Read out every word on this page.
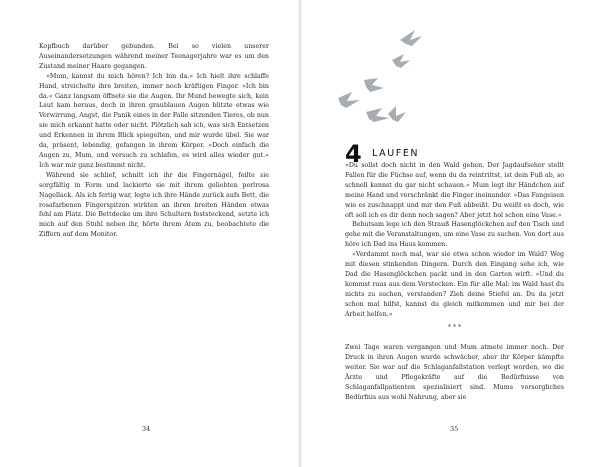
Kopfbuch darüber gebunden. Bei so vielen unserer Auseinandersetzungen während meiner Teenagerjahre war es um den Zustand meiner Haare gegangen.

»Mum, kannst du mich hören? Ich bin da.« Ich hielt ihre schlaffe Hand, streichelte ihre breiten, immer noch kräftigen Finger. »Ich bin da.« Ganz langsam öffnete sie die Augen. Ihr Mund bewegte sich, kein Laut kam heraus, doch in ihren graublauen Augen blitzte etwas wie Verwirrung, Angst, die Panik eines in der Falle sitzenden Tieres, ob nun sie mich erkannt hatte oder nicht. Plötzlich sah ich, was sich Entsetzen und Erkennen in ihrem Blick spiegelten, und mir wurde übel. Sie war da, präsent, lebendig, gefangen in ihrem Körper. »Doch einfach die Augen zu, Mum, und versuch zu schlafen, es wird alles wieder gut.« Ich war mir ganz bestimmt nicht.

Während sie schlief, schnitt ich ihr die Fingernägel, feilte sie sorgfältig in Form und lackierte sie mit ihrem geliebten perlrosa Nagellack. Als ich fertig war, legte ich ihre Hände zurück aufs Bett, die rosafarbenen Fingerspitzen wirkten an ihren breiten Händen etwas fehl am Platz. Die Bettdecke um ihre Schultern feststeckend, setzte ich mich auf den Stuhl neben ihr, hörte ihrem Atem zu, beobachtete die Ziffern auf dem Monitor.

34
4 LAUFEN

»Du sollst doch nicht in den Wald gehen. Der Jagdaufseher stellt Fallen für die Füchse auf, wenn du da reintrittst, ist dein Fuß ab, so schnell kannst du gar nicht schauen.« Mum legt ihr Händchen auf meine Hand und verschränkt die Finger ineinander. »Das Fangeisen wie es zuschnappt und mir den Fuß abbeißt. Du weißt es doch, wie oft soll ich es dir denn noch sagen? Aber jetzt hol schon eine Vase.«

Behutsam lege ich den Strauß Hasenglöckchen auf den Tisch und gehe mit die Veranstaltungen, um eine Vase zu suchen. Von dort aus höre ich Dad ins Haus kommen.

»Verdammt noch mal, war sie etwa schon wieder im Wald? Weg mit diesen stinkenden Dingern. Durch den Eingang sehe ich, wie Dad die Hasenglöckchen packt und in den Garten wirft. »Und du kommst raus aus dem Verstecken. Ein für alle Mal: im Wald hast du nichts zu suchen, verstanden? Zieh deine Stiefel an. Du da jetzt schon mal hilfst, kannst du gleich mitkommen und mir bei der Arbeit helfen.«

***

Zwei Tage waren vergangen und Mum atmete immer noch. Der Druck in ihren Augen wurde schwächer, aber ihr Körper kämpfte weiter. Sie war auf die Schlaganfallstation verlegt worden, wo die Ärzte und Pflegekräfte auf die Bedürfnisse von Schlaganfallpatienten spezialisiert sind. Mums vorsorgliches Bedürfnis aus wohl Nahrung, aber sie

35
